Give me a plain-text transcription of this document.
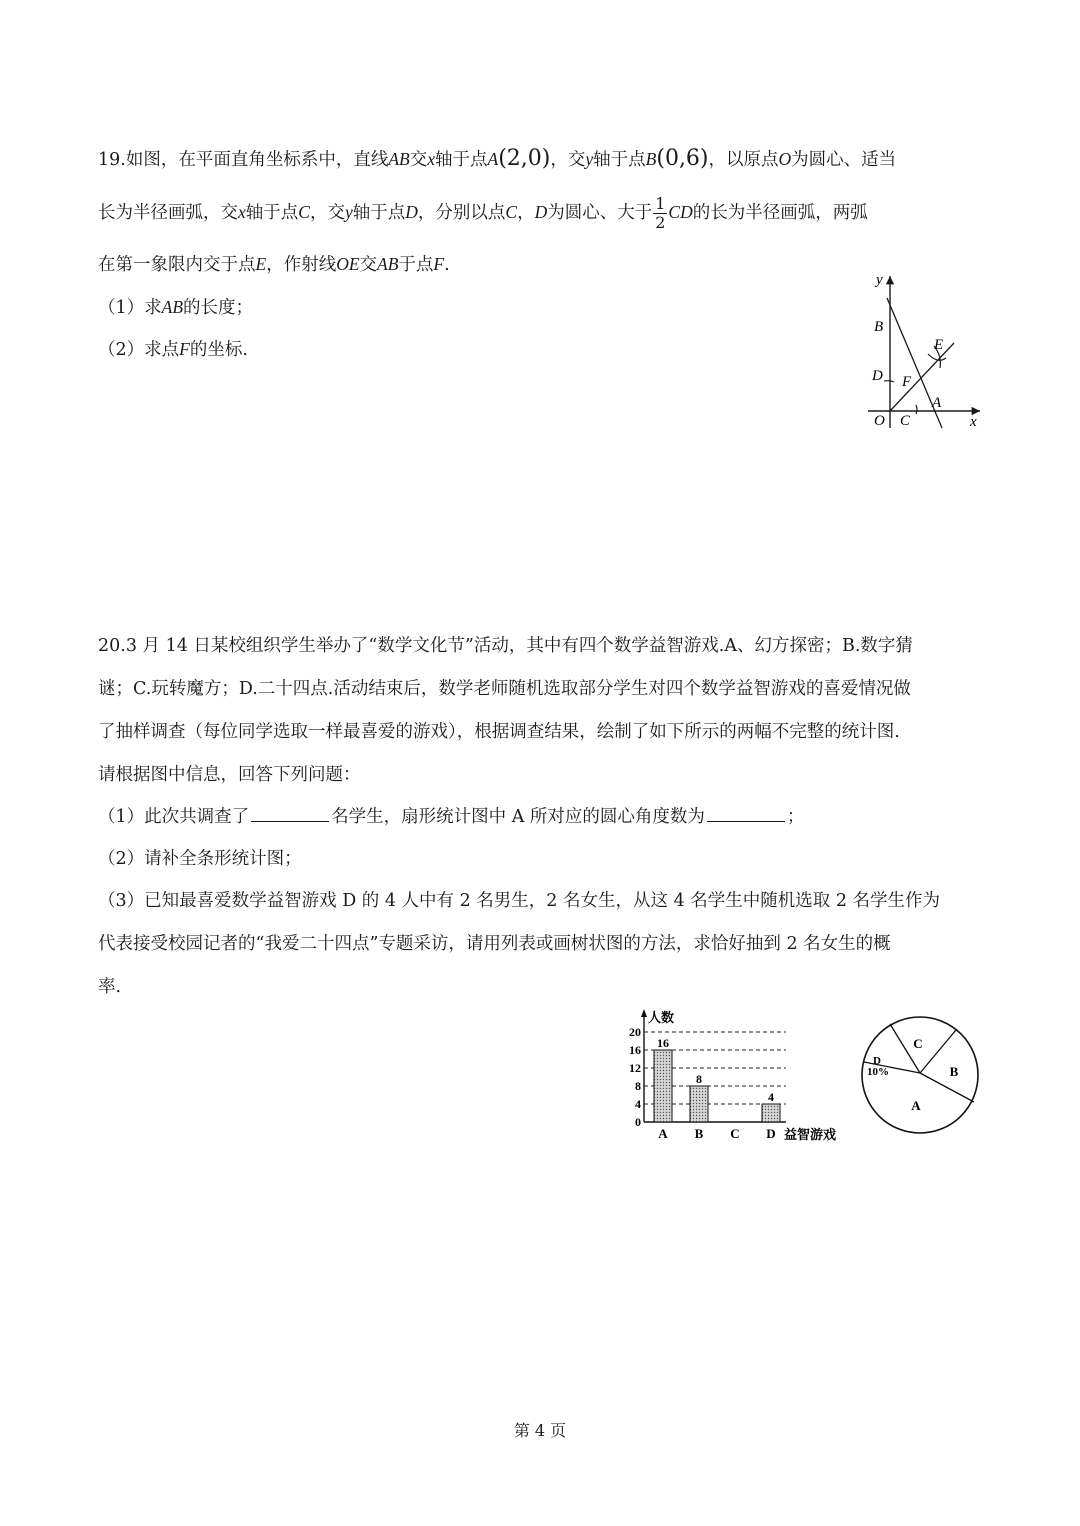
19.如图，在平面直角坐标系中，直线AB交x轴于点A(2,0)，交y轴于点B(0,6)，以原点O为圆心、适当
长为半径画弧，交x轴于点C，交y轴于点D，分别以点C，D为圆心、大于 $\frac{1}{2}$ CD的长为半径画弧，两弧
在第一象限内交于点E，作射线OE交AB于点F.
（1）求AB的长度；
（2）求点F的坐标.
y
x
B
E
D F
O C
A
20.3 月 14 日某校组织学生举办了“数学文化节”活动，其中有四个数学益智游戏.A、幻方探密；B.数字猜
谜；C.玩转魔方；D.二十四点.活动结束后，数学老师随机选取部分学生对四个数学益智游戏的喜爱情况做
了抽样调查（每位同学选取一样最喜爱的游戏），根据调查结果，绘制了如下所示的两幅不完整的统计图.
请根据图中信息，回答下列问题：
（1）此次共调查了	名学生，扇形统计图中 A 所对应的圆心角度数为	；
（2）请补全条形统计图；
（3）已知最喜爱数学益智游戏 D 的 4 人中有 2 名男生，2 名女生，从这 4 名学生中随机选取 2 名学生作为
代表接受校园记者的“我爱二十四点”专题采访，请用列表或画树状图的方法，求恰好抽到 2 名女生的概
率.
0
4
8
12
16
20
人数
16
A
8
B C
4
D 益智游戏
A
B
C
D
10%
第 4 页
